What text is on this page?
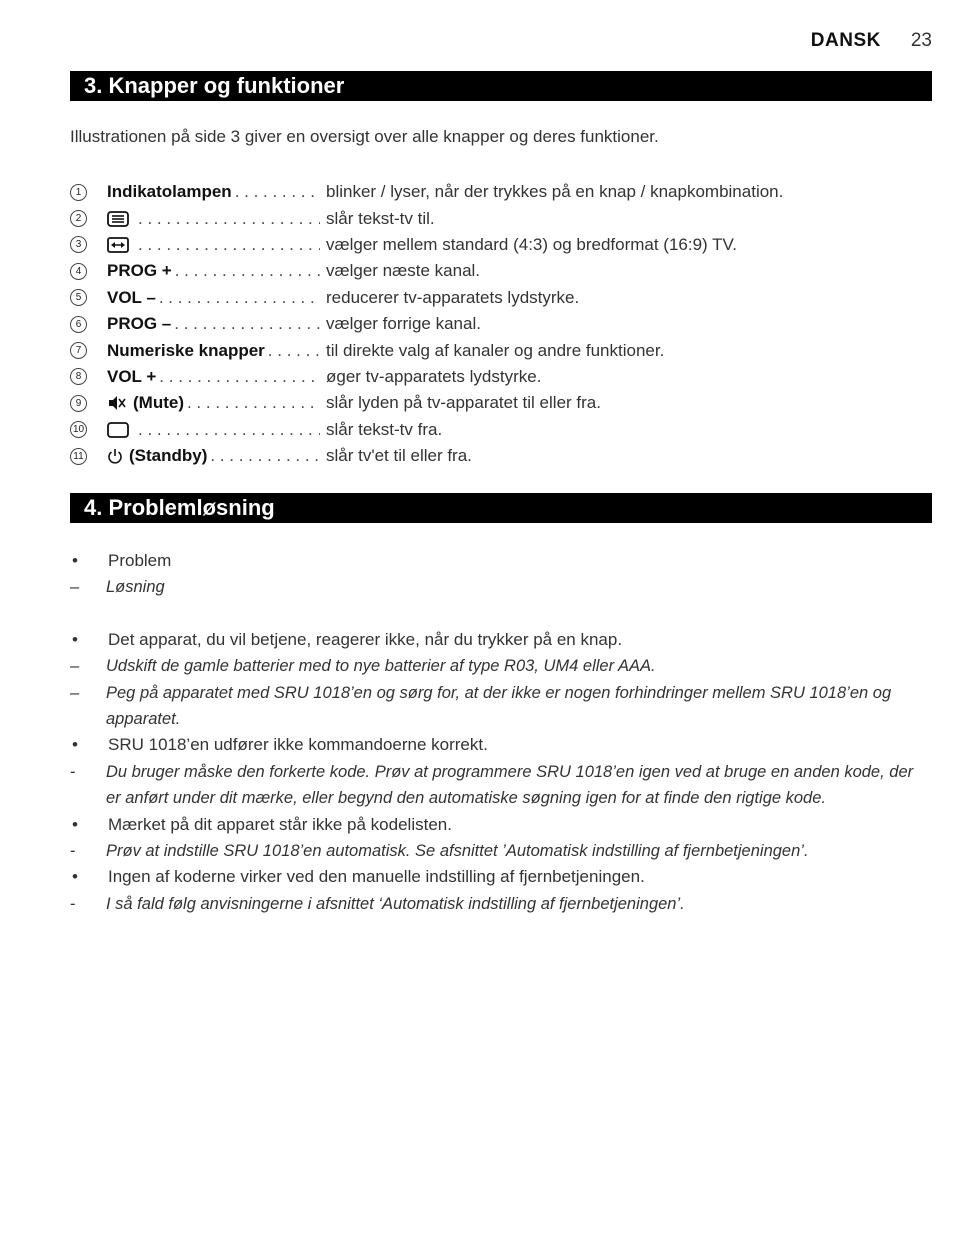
DANSK 23
3. Knapper og funktioner
Illustrationen på side 3 giver en oversigt over alle knapper og deres funktioner.
1	Indikatolampen . . .	blinker / lyser, når der trykkes på en knap / knapkombination.
2 . . .	slår tekst-tv til.
3 . . .	vælger mellem standard (4:3) og bredformat (16:9) TV.
4	PROG + . . .	vælger næste kanal.
5	VOL – . . .	reducerer tv-apparatets lydstyrke.
6	PROG – . . .	vælger forrige kanal.
7	Numeriske knapper . . .	til direkte valg af kanaler og andre funktioner.
8	VOL + . . .	øger tv-apparatets lydstyrke.
9	(Mute) . . .	slår lyden på tv-apparatet til eller fra.
10 . . .	slår tekst-tv fra.
11	(Standby) . . .	slår tv'et til eller fra.
4. Problemløsning
•	Problem
–	Løsning
•	Det apparat, du vil betjene, reagerer ikke, når du trykker på en knap.
–	Udskift de gamle batterier med to nye batterier af type R03, UM4 eller AAA.
–	Peg på apparatet med SRU 1018’en og sørg for, at der ikke er nogen forhindringer mellem SRU 1018’en og apparatet.
•	SRU 1018’en udfører ikke kommandoerne korrekt.
-	Du bruger måske den forkerte kode. Prøv at programmere SRU 1018’en igen ved at bruge en anden kode, der er anført under dit mærke, eller begynd den automatiske søgning igen for at finde den rigtige kode.
•	Mærket på dit apparet står ikke på kodelisten.
-	Prøv at indstille SRU 1018’en automatisk. Se afsnittet ’Automatisk indstilling af fjernbetjeningen’.
•	Ingen af koderne virker ved den manuelle indstilling af fjernbetjeningen.
-	I så fald følg anvisningerne i afsnittet ‘Automatisk indstilling af fjernbetjeningen’.
